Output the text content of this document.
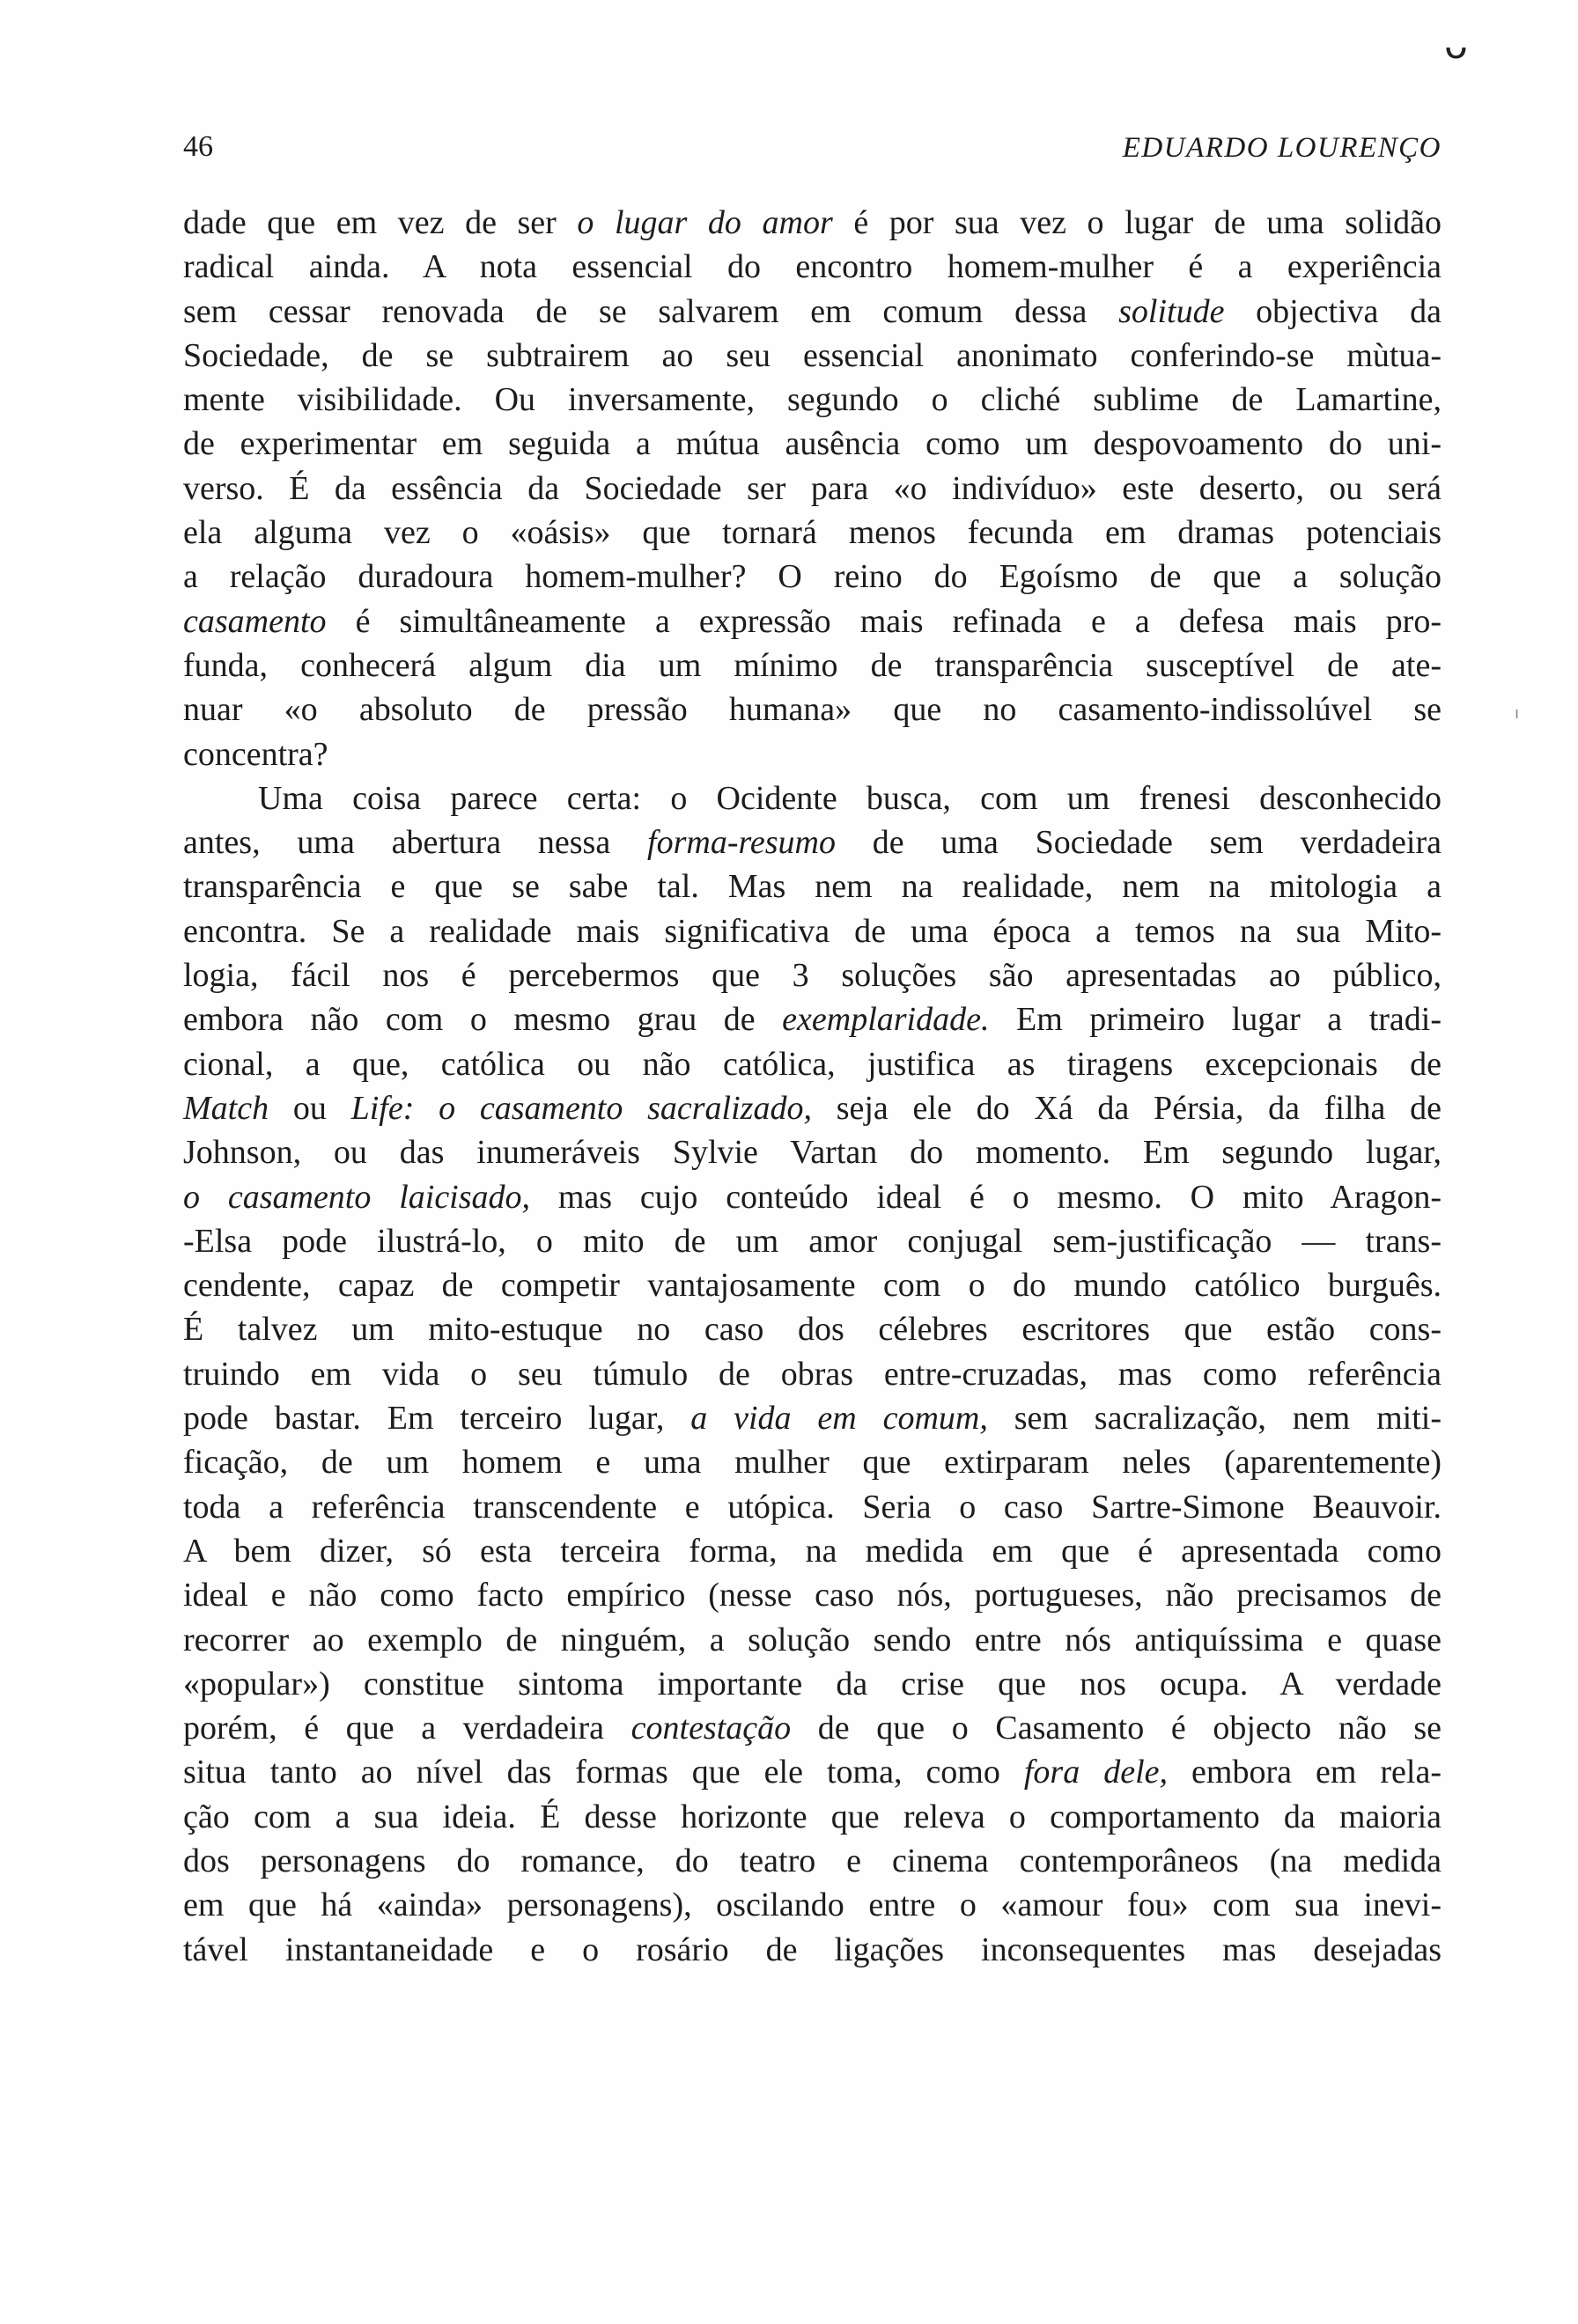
ᴗ
46	EDUARDO LOURENÇO
dade que em vez de ser o lugar do amor é por sua vez o lugar de uma solidão
radical ainda. A nota essencial do encontro homem-mulher é a experiência
sem cessar renovada de se salvarem em comum dessa solitude objectiva da
Sociedade, de se subtrairem ao seu essencial anonimato conferindo-se mùtua-
mente visibilidade. Ou inversamente, segundo o cliché sublime de Lamartine,
de experimentar em seguida a mútua ausência como um despovoamento do uni-
verso. É da essência da Sociedade ser para «o indivíduo» este deserto, ou será
ela alguma vez o «oásis» que tornará menos fecunda em dramas potenciais
a relação duradoura homem-mulher? O reino do Egoísmo de que a solução
casamento é simultâneamente a expressão mais refinada e a defesa mais pro-
funda, conhecerá algum dia um mínimo de transparência susceptível de ate-
nuar «o absoluto de pressão humana» que no casamento-indissolúvel se
concentra?
Uma coisa parece certa: o Ocidente busca, com um frenesi desconhecido
antes, uma abertura nessa forma-resumo de uma Sociedade sem verdadeira
transparência e que se sabe tal. Mas nem na realidade, nem na mitologia a
encontra. Se a realidade mais significativa de uma época a temos na sua Mito-
logia, fácil nos é percebermos que 3 soluções são apresentadas ao público,
embora não com o mesmo grau de exemplaridade. Em primeiro lugar a tradi-
cional, a que, católica ou não católica, justifica as tiragens excepcionais de
Match ou Life: o casamento sacralizado, seja ele do Xá da Pérsia, da filha de
Johnson, ou das inumeráveis Sylvie Vartan do momento. Em segundo lugar,
o casamento laicisado, mas cujo conteúdo ideal é o mesmo. O mito Aragon-
-Elsa pode ilustrá-lo, o mito de um amor conjugal sem-justificação — trans-
cendente, capaz de competir vantajosamente com o do mundo católico burguês.
É talvez um mito-estuque no caso dos célebres escritores que estão cons-
truindo em vida o seu túmulo de obras entre-cruzadas, mas como referência
pode bastar. Em terceiro lugar, a vida em comum, sem sacralização, nem miti-
ficação, de um homem e uma mulher que extirparam neles (aparentemente)
toda a referência transcendente e utópica. Seria o caso Sartre-Simone Beauvoir.
A bem dizer, só esta terceira forma, na medida em que é apresentada como
ideal e não como facto empírico (nesse caso nós, portugueses, não precisamos de
recorrer ao exemplo de ninguém, a solução sendo entre nós antiquíssima e quase
«popular») constitue sintoma importante da crise que nos ocupa. A verdade
porém, é que a verdadeira contestação de que o Casamento é objecto não se
situa tanto ao nível das formas que ele toma, como fora dele, embora em rela-
ção com a sua ideia. É desse horizonte que releva o comportamento da maioria
dos personagens do romance, do teatro e cinema contemporâneos (na medida
em que há «ainda» personagens), oscilando entre o «amour fou» com sua inevi-
tável instantaneidade e o rosário de ligações inconsequentes mas desejadas
ı
